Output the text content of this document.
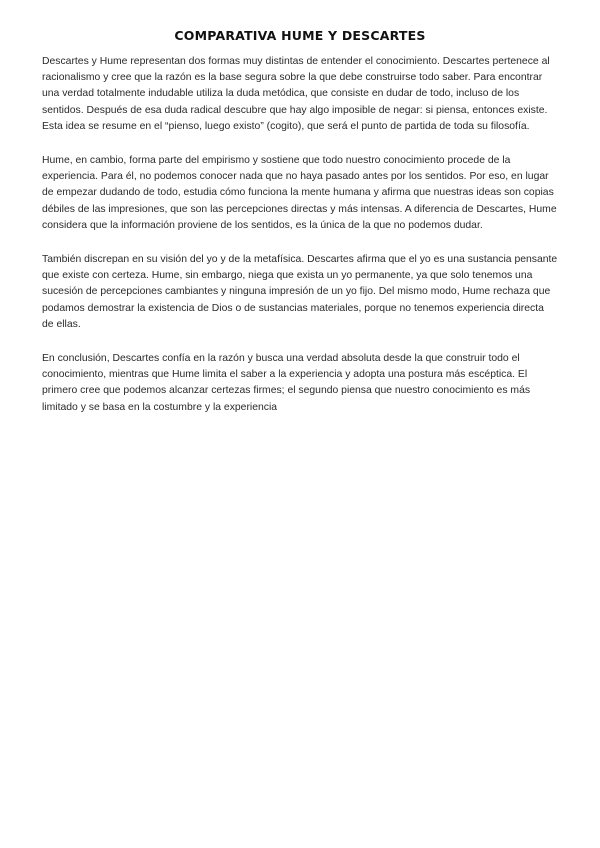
COMPARATIVA HUME Y DESCARTES

Descartes y Hume representan dos formas muy distintas de entender el conocimiento. Descartes pertenece al racionalismo y cree que la razón es la base segura sobre la que debe construirse todo saber. Para encontrar una verdad totalmente indudable utiliza la duda metódica, que consiste en dudar de todo, incluso de los sentidos. Después de esa duda radical descubre que hay algo imposible de negar: si piensa, entonces existe. Esta idea se resume en el “pienso, luego existo” (cogito), que será el punto de partida de toda su filosofía.

Hume, en cambio, forma parte del empirismo y sostiene que todo nuestro conocimiento procede de la experiencia. Para él, no podemos conocer nada que no haya pasado antes por los sentidos. Por eso, en lugar de empezar dudando de todo, estudia cómo funciona la mente humana y afirma que nuestras ideas son copias débiles de las impresiones, que son las percepciones directas y más intensas. A diferencia de Descartes, Hume considera que la información proviene de los sentidos, es la única de la que no podemos dudar.

También discrepan en su visión del yo y de la metafísica. Descartes afirma que el yo es una sustancia pensante que existe con certeza. Hume, sin embargo, niega que exista un yo permanente, ya que solo tenemos una sucesión de percepciones cambiantes y ninguna impresión de un yo fijo. Del mismo modo, Hume rechaza que podamos demostrar la existencia de Dios o de sustancias materiales, porque no tenemos experiencia directa de ellas.

En conclusión, Descartes confía en la razón y busca una verdad absoluta desde la que construir todo el conocimiento, mientras que Hume limita el saber a la experiencia y adopta una postura más escéptica. El primero cree que podemos alcanzar certezas firmes; el segundo piensa que nuestro conocimiento es más limitado y se basa en la costumbre y la experiencia
